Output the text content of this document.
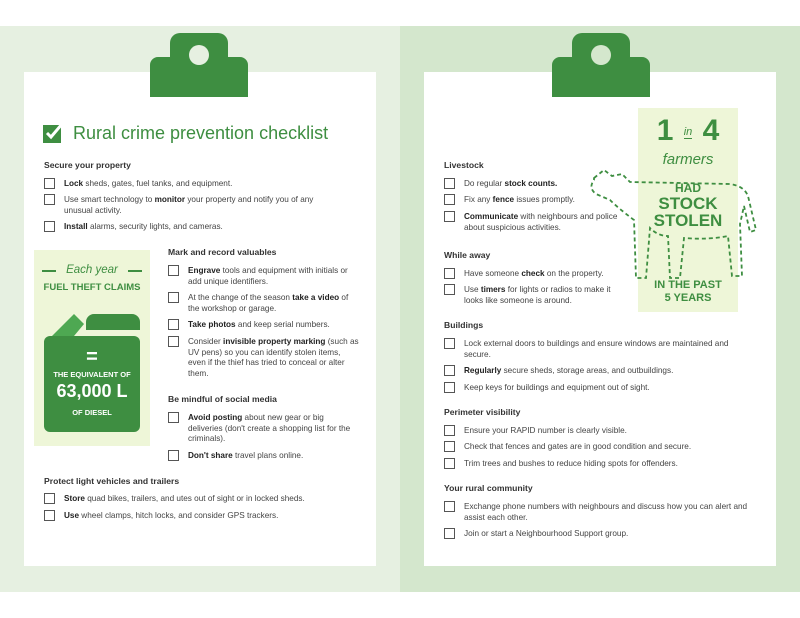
Rural crime prevention checklist
Secure your property
Lock sheds, gates, fuel tanks, and equipment.
Use smart technology to monitor your property and notify you of any unusual activity.
Install alarms, security lights, and cameras.
Each year
FUEL THEFT CLAIMS
=
THE EQUIVALENT OF
63,000 L
OF DIESEL
Mark and record valuables
Engrave tools and equipment with initials or add unique identifiers.
At the change of the season take a video of the workshop or garage.
Take photos and keep serial numbers.
Consider invisible property marking (such as UV pens) so you can identify stolen items, even if the thief has tried to conceal or alter them.
Be mindful of social media
Avoid posting about new gear or big deliveries (don't create a shopping list for the criminals).
Don't share travel plans online.
Protect light vehicles and trailers
Store quad bikes, trailers, and utes out of sight or in locked sheds.
Use wheel clamps, hitch locks, and consider GPS trackers.
1 in 4
farmers
HAD
STOCK
STOLEN
IN THE PAST
5 YEARS
Livestock
Do regular stock counts.
Fix any fence issues promptly.
Communicate with neighbours and police about suspicious activities.
While away
Have someone check on the property.
Use timers for lights or radios to make it looks like someone is around.
Buildings
Lock external doors to buildings and ensure windows are maintained and secure.
Regularly secure sheds, storage areas, and outbuildings.
Keep keys for buildings and equipment out of sight.
Perimeter visibility
Ensure your RAPID number is clearly visible.
Check that fences and gates are in good condition and secure.
Trim trees and bushes to reduce hiding spots for offenders.
Your rural community
Exchange phone numbers with neighbours and discuss how you can alert and assist each other.
Join or start a Neighbourhood Support group.
